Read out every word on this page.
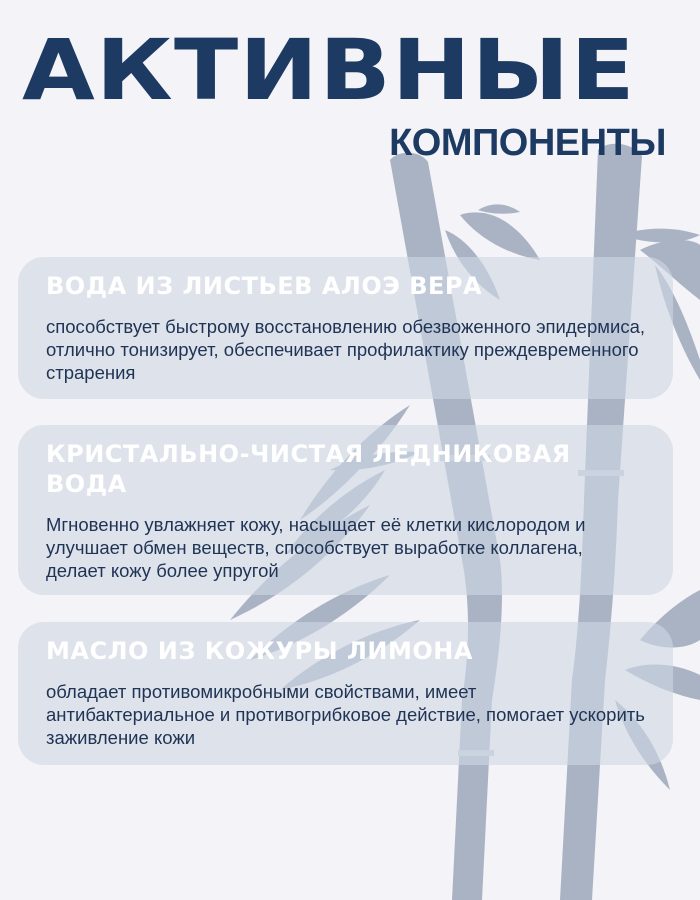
АКТИВНЫЕ
КОМПОНЕНТЫ
ВОДА ИЗ ЛИСТЬЕВ АЛОЭ ВЕРА

способствует быстрому восстановлению обезвоженного эпидермиса, отлично тонизирует, обеспечивает профилактику преждевременного страрения

КРИСТАЛЬНО-ЧИСТАЯ ЛЕДНИКОВАЯ ВОДА

Мгновенно увлажняет кожу, насыщает её клетки кислородом и улучшает обмен веществ, способствует выработке коллагена, делает кожу более упругой

МАСЛО ИЗ КОЖУРЫ ЛИМОНА

обладает противомикробными свойствами, имеет антибактериальное и противогрибковое действие, помогает ускорить заживление кожи
